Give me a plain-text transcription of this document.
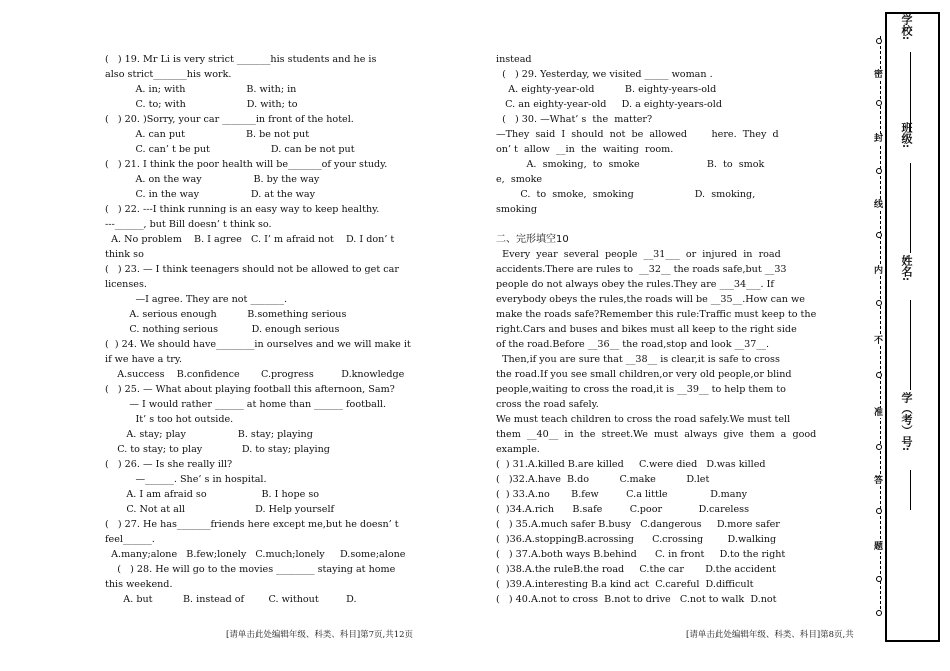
(   ) 19. Mr Li is very strict _______his students and he is
also strict_______his work.
A. in; with                    B. with; in
C. to; with                    D. with; to
(   ) 20. )Sorry, your car _______in front of the hotel.
A. can put                    B. be not put
C. can’ t be put                    D. can be not put
(   ) 21. I think the poor health will be_______of your study.
A. on the way                 B. by the way
C. in the way                 D. at the way
(   ) 22. ---I think running is an easy way to keep healthy.
---______, but Bill doesn’ t think so.
A. No problem    B. I agree   C. I’ m afraid not    D. I don’ t
think so
(   ) 23. — I think teenagers should not be allowed to get car
licenses.
—I agree. They are not _______.
A. serious enough          B.something serious
C. nothing serious           D. enough serious
(  ) 24. We should have________in ourselves and we will make it
if we have a try.
A.success    B.confidence       C.progress         D.knowledge
(   ) 25. — What about playing football this afternoon, Sam?
— I would rather ______ at home than ______ football.
It’ s too hot outside.
A. stay; play                 B. stay; playing
C. to stay; to play             D. to stay; playing
(   ) 26. — Is she really ill?
—______. She’ s in hospital.
A. I am afraid so                  B. I hope so
C. Not at all                       D. Help yourself
(   ) 27. He has_______friends here except me,but he doesn’ t
feel______.
A.many;alone   B.few;lonely   C.much;lonely     D.some;alone
(   ) 28. He will go to the movies ________ staying at home
this weekend.
A. but          B. instead of        C. without         D.
instead
(   ) 29. Yesterday, we visited _____ woman .
A. eighty-year-old          B. eighty-years-old
C. an eighty-year-old     D. a eighty-years-old
(   ) 30. —What’ s  the  matter?
—They  said  I  should  not  be  allowed        here.  They  d
on’ t  allow  __in  the  waiting  room.
A.  smoking,  to  smoke                      B.  to  smok
e,  smoke
C.  to  smoke,  smoking                    D.  smoking,
smoking
二、完形填空10
Every  year  several  people  __31___  or  injured  in  road
accidents.There are rules to  __32__ the roads safe,but __33
people do not always obey the rules.They are ___34___. If
everybody obeys the rules,the roads will be __35__.How can we
make the roads safe?Remember this rule:Traffic must keep to the
right.Cars and buses and bikes must all keep to the right side
of the road.Before __36__ the road,stop and look __37__.
Then,if you are sure that __38__ is clear,it is safe to cross
the road.If you see small children,or very old people,or blind
people,waiting to cross the road,it is __39__ to help them to
cross the road safely.
We must teach children to cross the road safely.We must tell
them  __40__  in  the  street.We  must  always  give  them  a  good
example.
(  ) 31.A.killed B.are killed     C.were died   D.was killed
(   )32.A.have  B.do          C.make          D.let
(  ) 33.A.no       B.few         C.a little              D.many
(  )34.A.rich      B.safe         C.poor            D.careless
(   ) 35.A.much safer B.busy   C.dangerous     D.more safer
(  )36.A.stoppingB.acrossing      C.crossing        D.walking
(   ) 37.A.both ways B.behind      C. in front     D.to the right
(  )38.A.the ruleB.the road     C.the car       D.the accident
(  )39.A.interesting B.a kind act  C.careful  D.difficult
(   ) 40.A.not to cross  B.not to drive   C.not to walk  D.not
[请单击此处编辑年级、科类、科目]第7页,共12页	[请单击此处编辑年级、科类、科目]第8页,共
密
封
线
内
不
准
答
题
学校:
班级:
姓名:
学（考）号:
